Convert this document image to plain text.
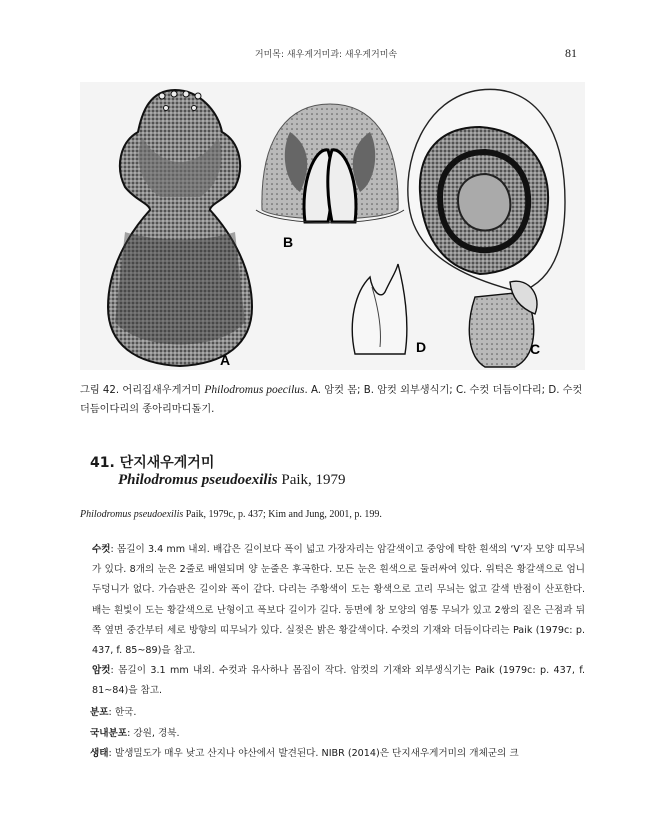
거미목: 새우게거미과: 새우게거미속	81
A
B
C
D
그림 42. 어리집새우게거미 Philodromus poecilus. A. 암컷 몸; B. 암컷 외부생식기; C. 수컷 더듬이다리; D. 수컷 더듬이다리의 종아리마디돌기.
41. 단지새우게거미
Philodromus pseudoexilis Paik, 1979
Philodromus pseudoexilis Paik, 1979c, p. 437; Kim and Jung, 2001, p. 199.

수컷: 몸길이 3.4 mm 내외. 배갑은 길이보다 폭이 넓고 가장자리는 암갈색이고 중앙에 탁한 흰색의 ‘V’자 모양 띠무늬가 있다. 8개의 눈은 2줄로 배열되며 양 눈줄은 후곡한다. 모든 눈은 흰색으로 둘러싸여 있다. 위턱은 황갈색으로 엄니두덩니가 없다. 가슴판은 길이와 폭이 같다. 다리는 주황색이 도는 황색으로 고리 무늬는 없고 갈색 반점이 산포한다. 배는 흰빛이 도는 황갈색으로 난형이고 폭보다 길이가 길다. 등면에 창 모양의 염통 무늬가 있고 2쌍의 짙은 근점과 뒤쪽 옆면 중간부터 세로 방향의 띠무늬가 있다. 실젖은 밝은 황갈색이다. 수컷의 기재와 더듬이다리는 Paik (1979c: p. 437, f. 85~89)을 참고.

암컷: 몸길이 3.1 mm 내외. 수컷과 유사하나 몸집이 작다. 암컷의 기재와 외부생식기는 Paik (1979c: p. 437, f. 81~84)을 참고.

분포: 한국.

국내분포: 강원, 경북.

생태: 발생밀도가 매우 낮고 산지나 야산에서 발견된다. NIBR (2014)은 단지새우게거미의 개체군의 크
